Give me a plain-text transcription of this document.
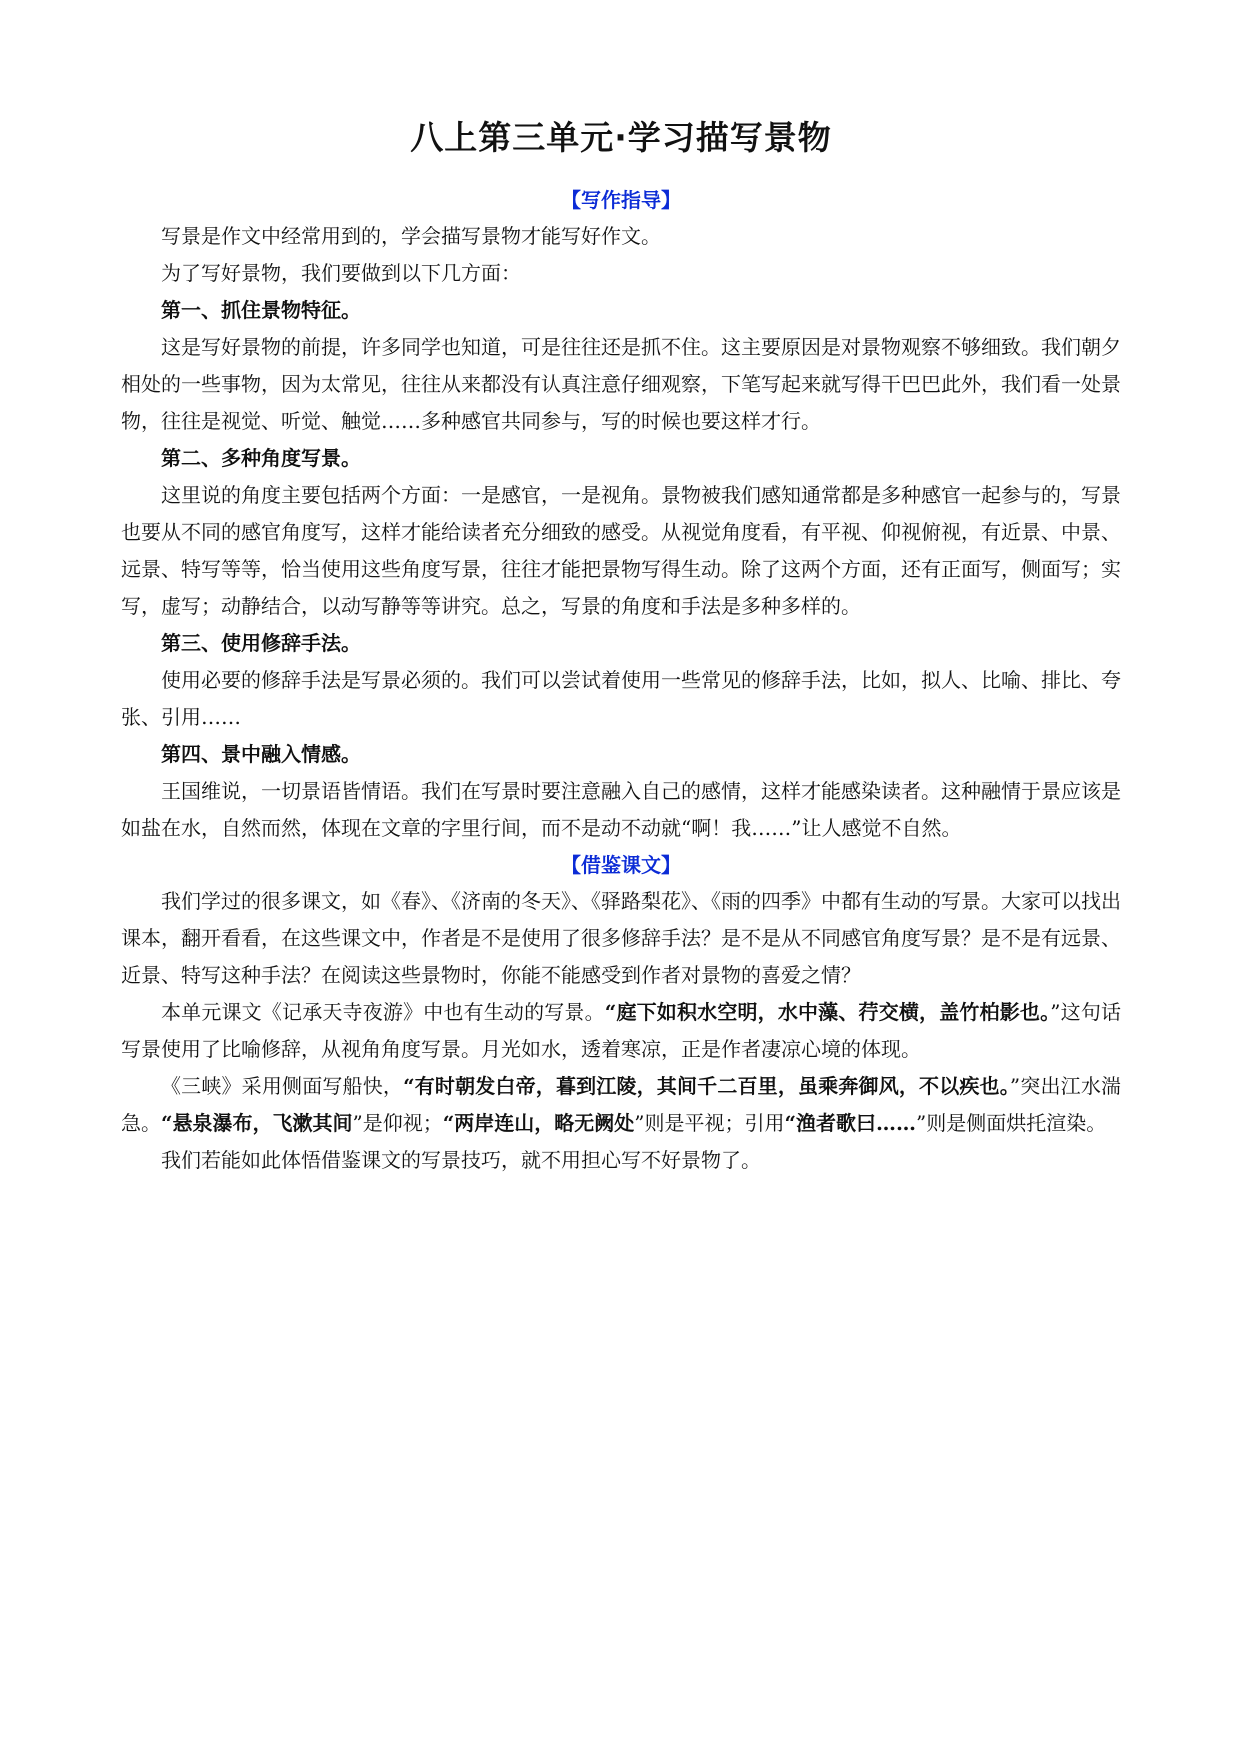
八上第三单元·学习描写景物
【写作指导】

写景是作文中经常用到的，学会描写景物才能写好作文。

为了写好景物，我们要做到以下几方面：

第一、抓住景物特征。

这是写好景物的前提，许多同学也知道，可是往往还是抓不住。这主要原因是对景物观察不够细致。我们朝夕相处的一些事物，因为太常见，往往从来都没有认真注意仔细观察，下笔写起来就写得干巴巴此外，我们看一处景物，往往是视觉、听觉、触觉……多种感官共同参与，写的时候也要这样才行。

第二、多种角度写景。

这里说的角度主要包括两个方面：一是感官，一是视角。景物被我们感知通常都是多种感官一起参与的，写景也要从不同的感官角度写，这样才能给读者充分细致的感受。从视觉角度看，有平视、仰视俯视，有近景、中景、远景、特写等等，恰当使用这些角度写景，往往才能把景物写得生动。除了这两个方面，还有正面写，侧面写；实写，虚写；动静结合，以动写静等等讲究。总之，写景的角度和手法是多种多样的。

第三、使用修辞手法。

使用必要的修辞手法是写景必须的。我们可以尝试着使用一些常见的修辞手法，比如，拟人、比喻、排比、夸张、引用……

第四、景中融入情感。

王国维说，一切景语皆情语。我们在写景时要注意融入自己的感情，这样才能感染读者。这种融情于景应该是如盐在水，自然而然，体现在文章的字里行间，而不是动不动就“啊！我……”让人感觉不自然。

【借鉴课文】

我们学过的很多课文，如《春》、《济南的冬天》、《驿路梨花》、《雨的四季》中都有生动的写景。大家可以找出课本，翻开看看，在这些课文中，作者是不是使用了很多修辞手法？是不是从不同感官角度写景？是不是有远景、近景、特写这种手法？在阅读这些景物时，你能不能感受到作者对景物的喜爱之情？

本单元课文《记承天寺夜游》中也有生动的写景。“庭下如积水空明，水中藻、荇交横，盖竹柏影也。”这句话写景使用了比喻修辞，从视角角度写景。月光如水，透着寒凉，正是作者凄凉心境的体现。

《三峡》采用侧面写船快，“有时朝发白帝，暮到江陵，其间千二百里，虽乘奔御风，不以疾也。”突出江水湍急。“悬泉瀑布，飞漱其间”是仰视；“两岸连山，略无阙处”则是平视；引用“渔者歌曰……”则是侧面烘托渲染。

我们若能如此体悟借鉴课文的写景技巧，就不用担心写不好景物了。
